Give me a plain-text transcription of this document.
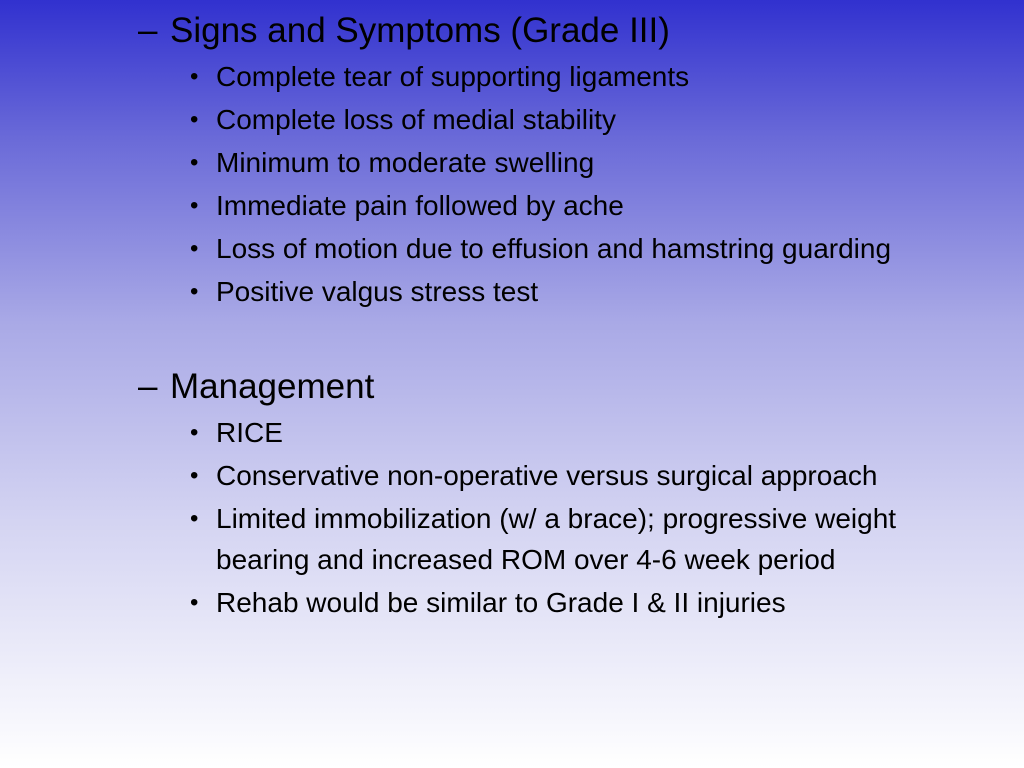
– Signs and Symptoms (Grade III)
• Complete tear of supporting ligaments
• Complete loss of medial stability
• Minimum to moderate swelling
• Immediate pain followed by ache
• Loss of motion due to effusion and hamstring guarding
• Positive valgus stress test
– Management
• RICE
• Conservative non-operative versus surgical approach
• Limited immobilization (w/ a brace); progressive weight bearing and increased ROM over 4-6 week period
• Rehab would be similar to Grade I & II injuries
